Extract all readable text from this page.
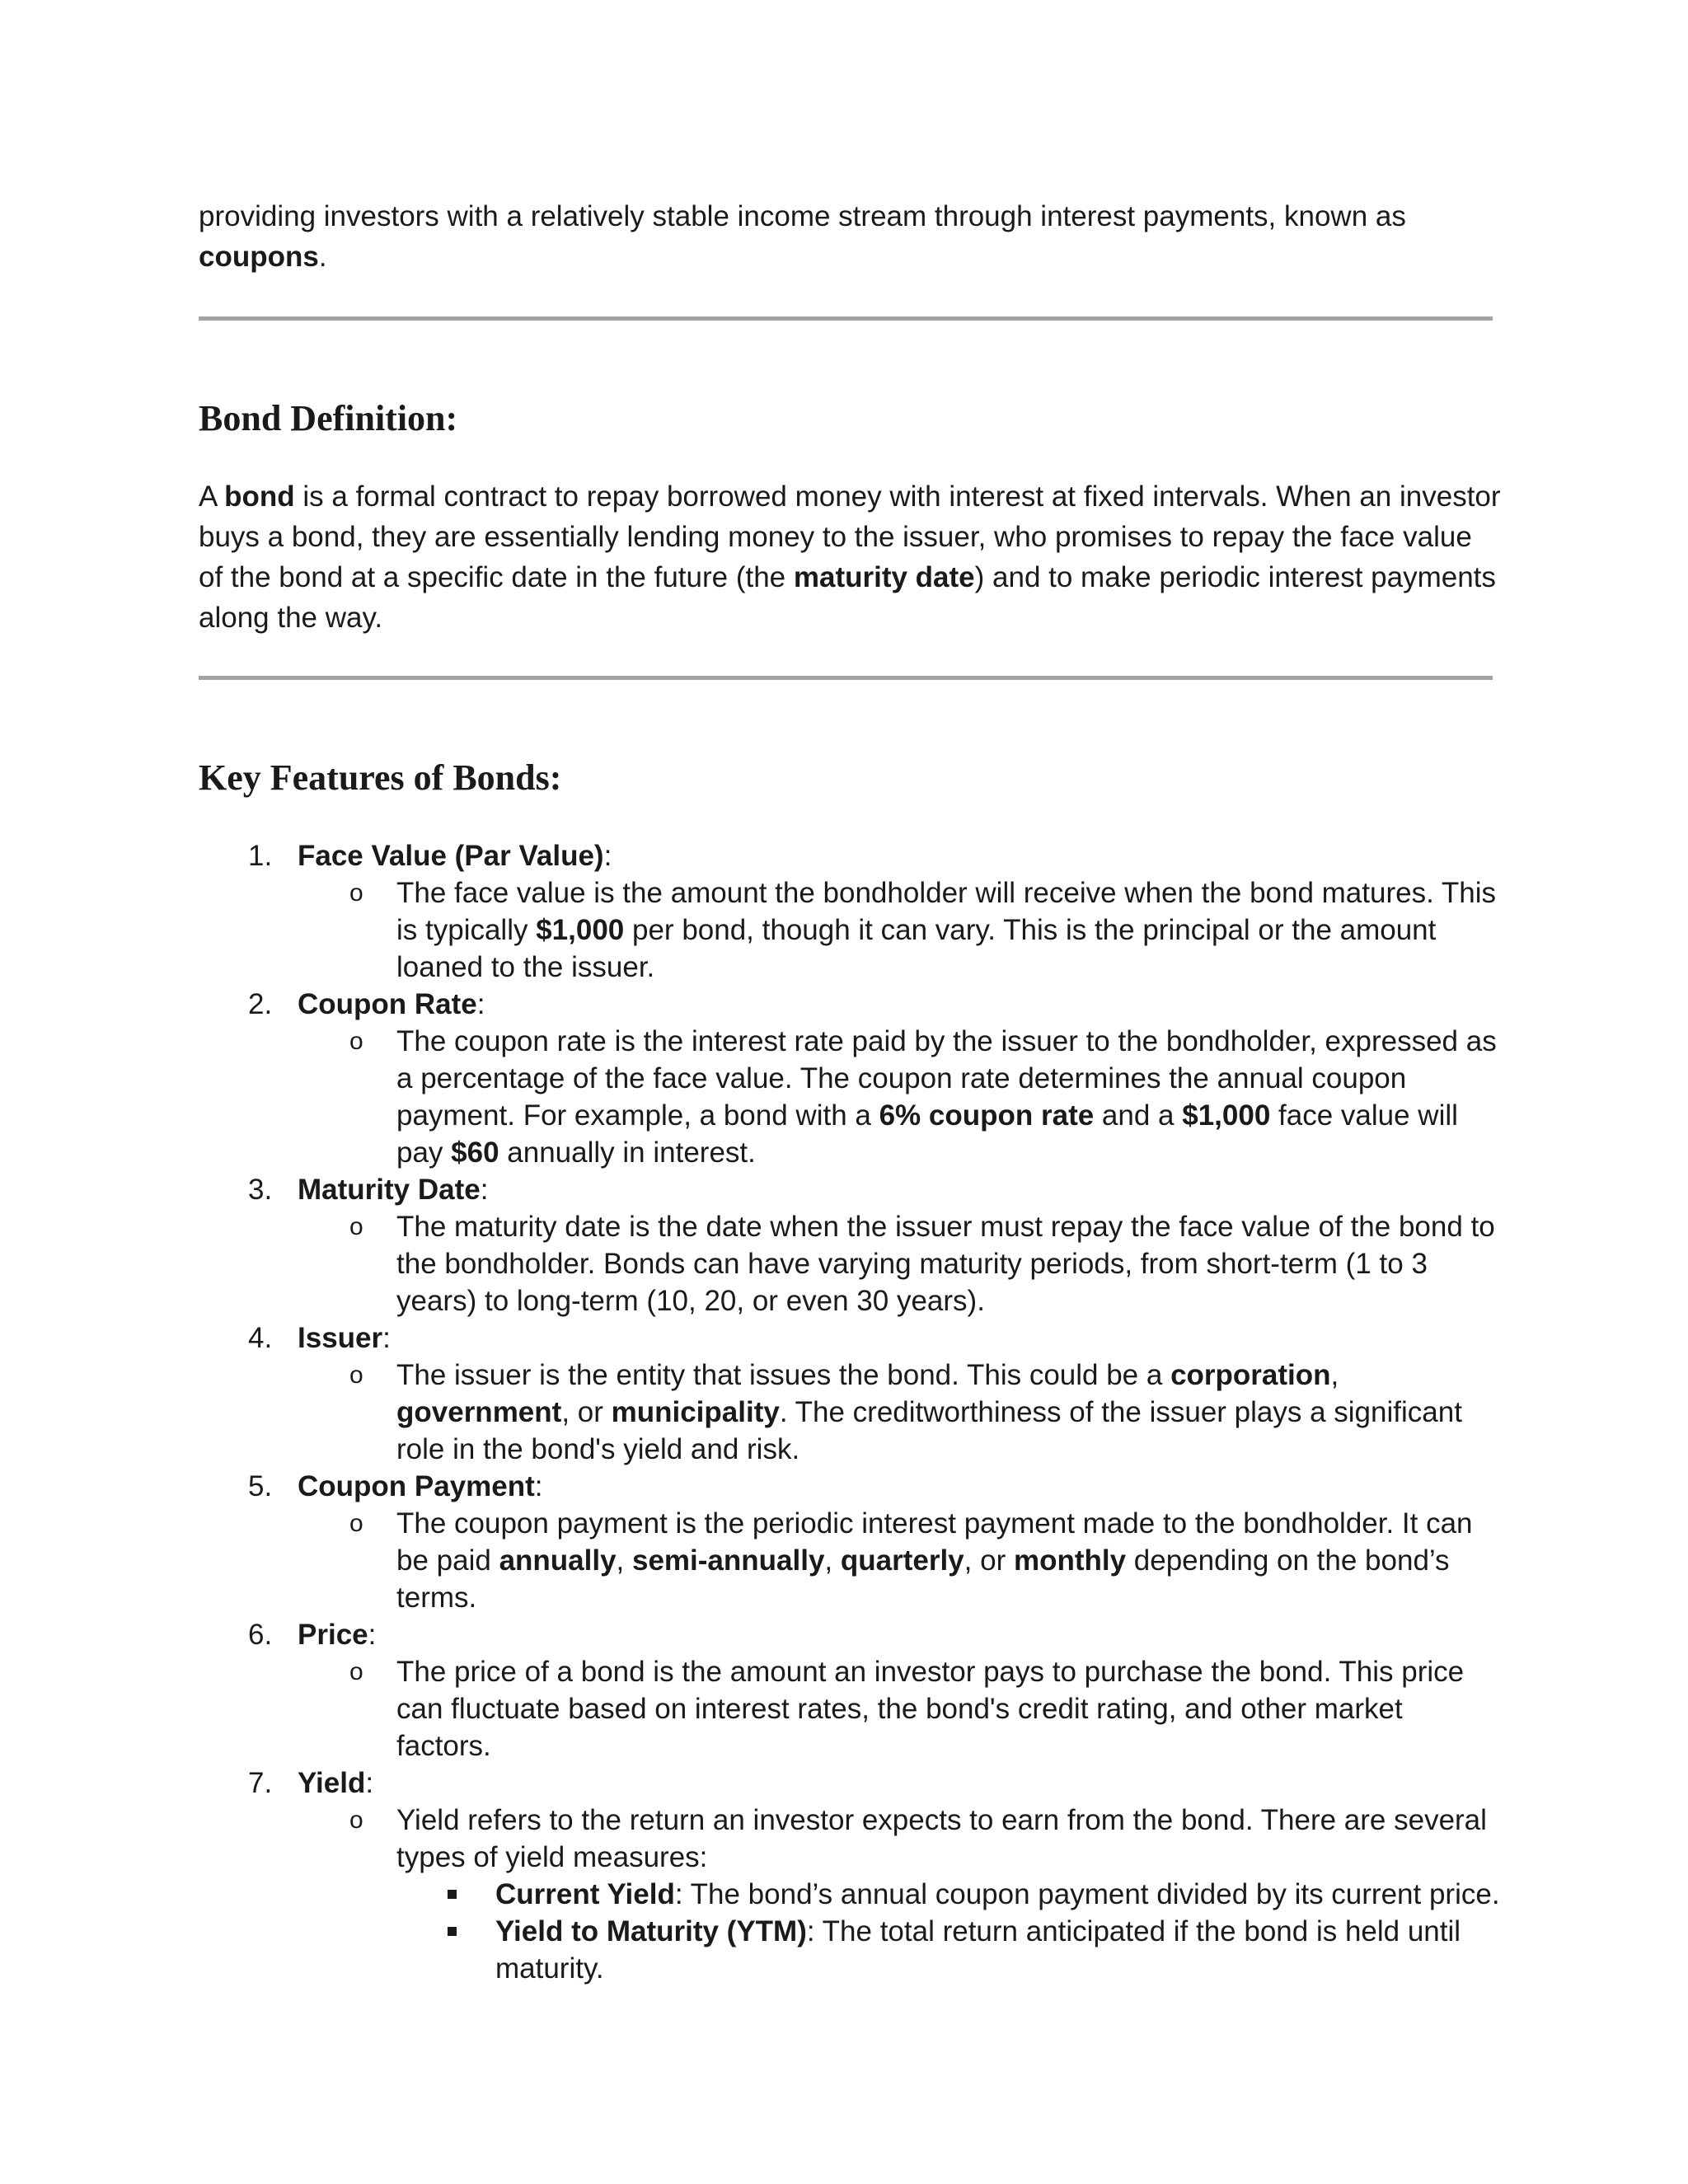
providing investors with a relatively stable income stream through interest payments, known as
coupons.

Bond Definition:

A bond is a formal contract to repay borrowed money with interest at fixed intervals. When an investor buys a bond, they are essentially lending money to the issuer, who promises to repay the face value of the bond at a specific date in the future (the maturity date) and to make periodic interest payments along the way.

Key Features of Bonds:
1. Face Value (Par Value):
o The face value is the amount the bondholder will receive when the bond matures. This is typically $1,000 per bond, though it can vary. This is the principal or the amount loaned to the issuer.
2. Coupon Rate:
o The coupon rate is the interest rate paid by the issuer to the bondholder, expressed as a percentage of the face value. The coupon rate determines the annual coupon payment. For example, a bond with a 6% coupon rate and a $1,000 face value will pay $60 annually in interest.
3. Maturity Date:
o The maturity date is the date when the issuer must repay the face value of the bond to the bondholder. Bonds can have varying maturity periods, from short-term (1 to 3 years) to long-term (10, 20, or even 30 years).
4. Issuer:
o The issuer is the entity that issues the bond. This could be a corporation, government, or municipality. The creditworthiness of the issuer plays a significant role in the bond's yield and risk.
5. Coupon Payment:
o The coupon payment is the periodic interest payment made to the bondholder. It can be paid annually, semi-annually, quarterly, or monthly depending on the bond’s terms.
6. Price:
o The price of a bond is the amount an investor pays to purchase the bond. This price can fluctuate based on interest rates, the bond's credit rating, and other market factors.
7. Yield:
o Yield refers to the return an investor expects to earn from the bond. There are several types of yield measures:
Current Yield: The bond’s annual coupon payment divided by its current price.
Yield to Maturity (YTM): The total return anticipated if the bond is held until maturity.
